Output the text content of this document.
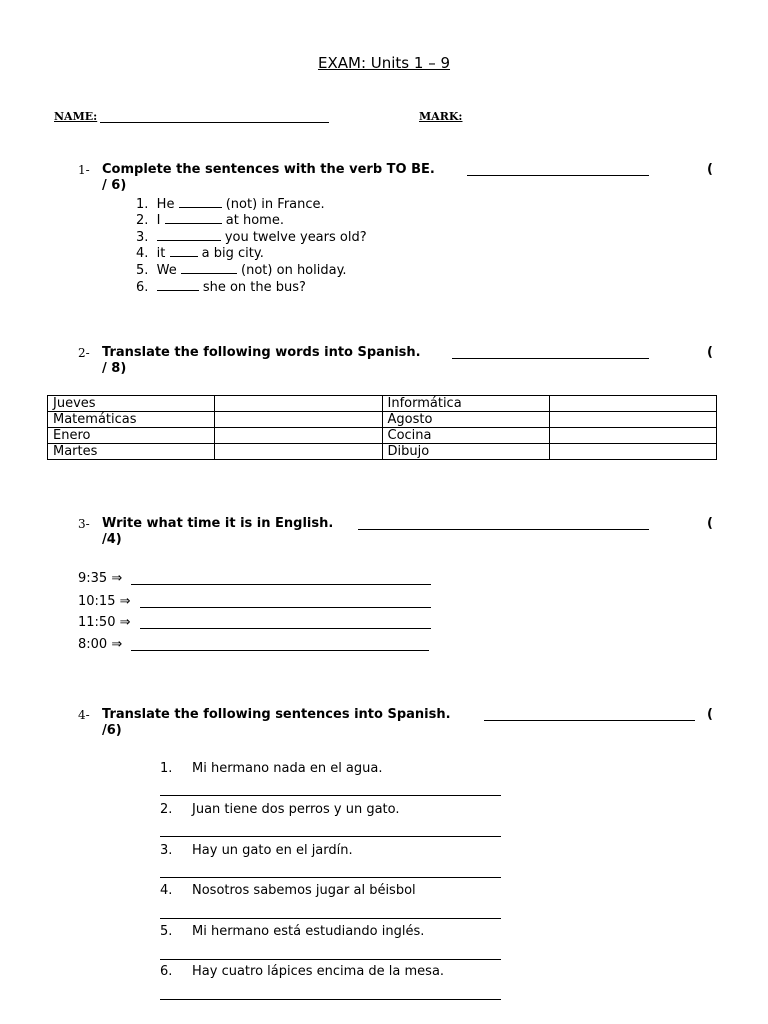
EXAM: Units 1 – 9
NAME:	MARK:
1- Complete the sentences with the verb TO BE.	(
/ 6)
1. He	(not) in France.
2. I	at home.
3.	you twelve years old?
4. it	a big city.
5. We	(not) on holiday.
6.	she on the bus?
2- Translate the following words into Spanish.	(
/ 8)
Jueves		Informática	
Matemáticas		Agosto	
Enero		Cocina	
Martes		Dibujo	
3- Write what time it is in English.	(
/4)
9:35 ⇒
10:15 ⇒
11:50 ⇒
8:00 ⇒
4- Translate the following sentences into Spanish.	(
/6)
1. Mi hermano nada en el agua.
2. Juan tiene dos perros y un gato.
3. Hay un gato en el jardín.
4. Nosotros sabemos jugar al béisbol
5. Mi hermano está estudiando inglés.
6. Hay cuatro lápices encima de la mesa.
